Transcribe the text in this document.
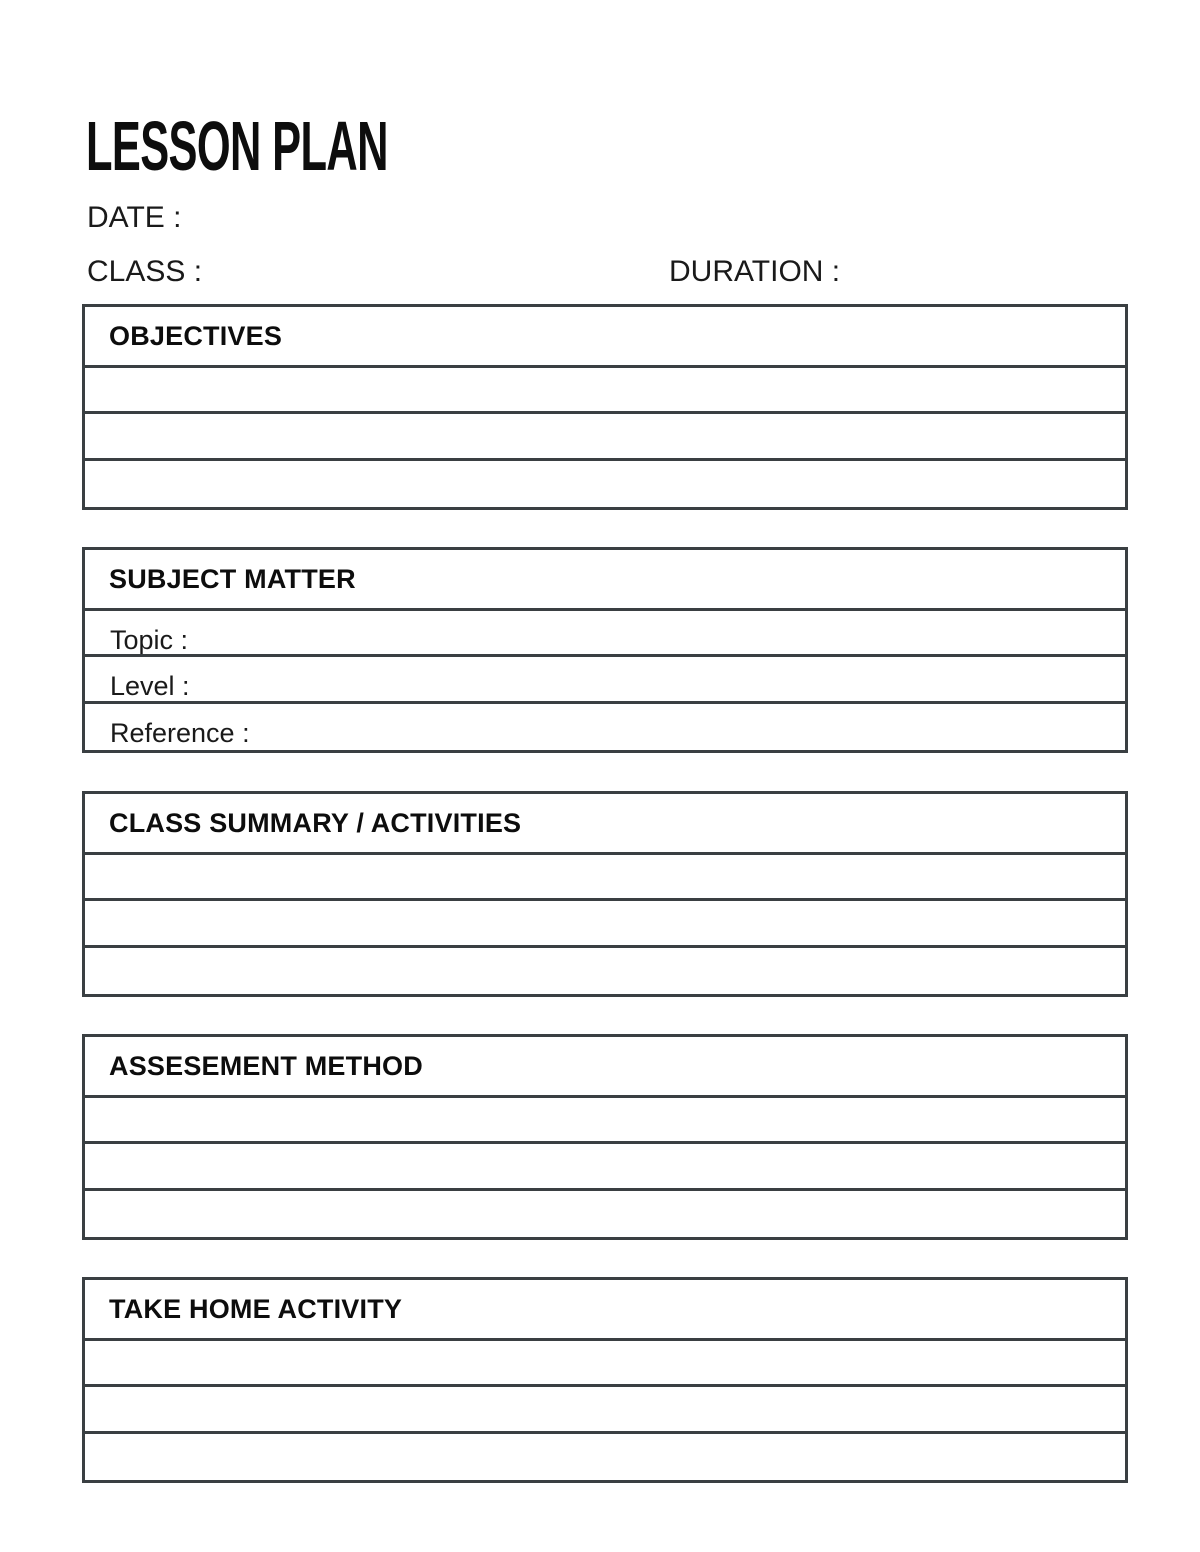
LESSON PLAN
DATE :
CLASS :	DURATION :
OBJECTIVES
SUBJECT MATTER
Topic :
Level :
Reference :
CLASS SUMMARY / ACTIVITIES
ASSESEMENT METHOD
TAKE HOME ACTIVITY
